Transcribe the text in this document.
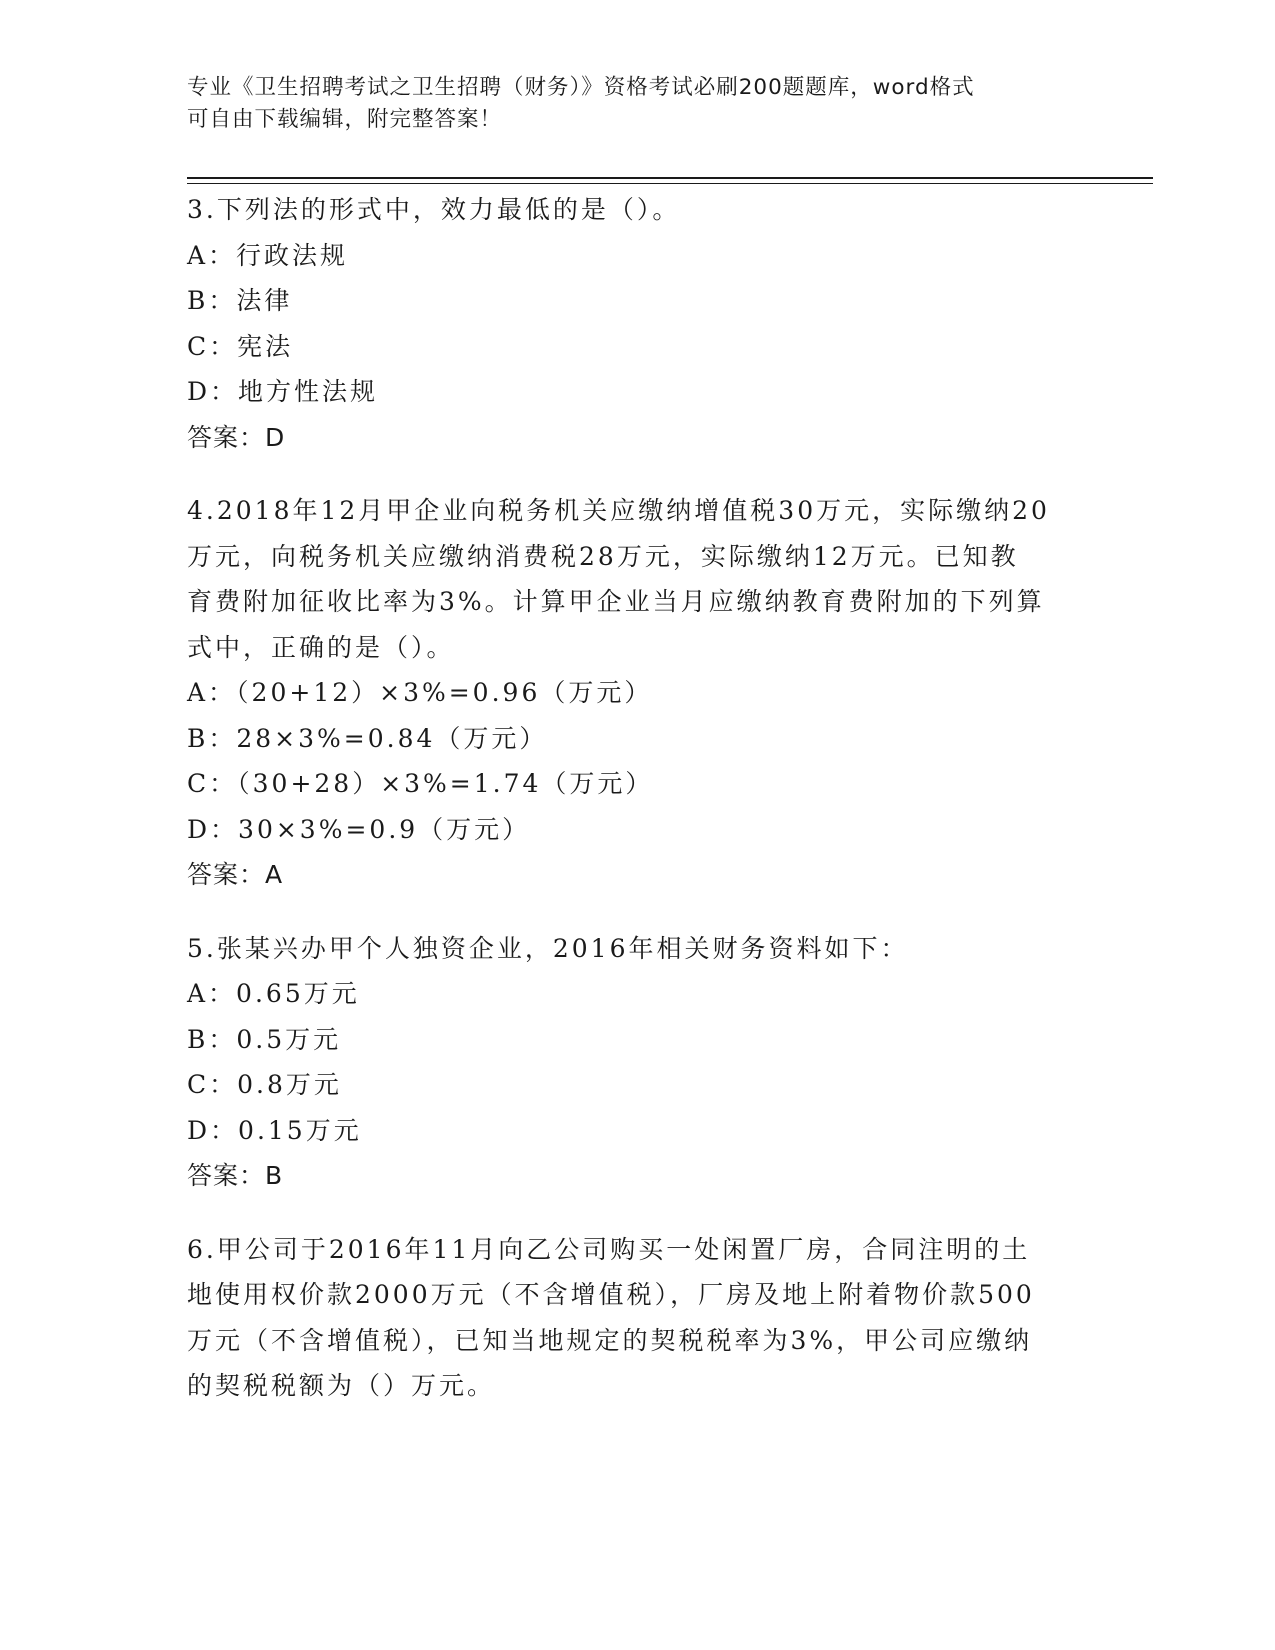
专业《卫生招聘考试之卫生招聘（财务）》资格考试必刷200题题库，word格式
可自由下载编辑，附完整答案！
3.下列法的形式中，效力最低的是（）。
A：行政法规
B：法律
C：宪法
D：地方性法规
答案：D
4.2018年12月甲企业向税务机关应缴纳增值税30万元，实际缴纳20
万元，向税务机关应缴纳消费税28万元，实际缴纳12万元。已知教
育费附加征收比率为3%。计算甲企业当月应缴纳教育费附加的下列算
式中，正确的是（）。
A：（20+12）×3%=0.96（万元）
B：28×3%=0.84（万元）
C：（30+28）×3%=1.74（万元）
D：30×3%=0.9（万元）
答案：A
5.张某兴办甲个人独资企业，2016年相关财务资料如下：
A：0.65万元
B：0.5万元
C：0.8万元
D：0.15万元
答案：B
6.甲公司于2016年11月向乙公司购买一处闲置厂房，合同注明的土
地使用权价款2000万元（不含增值税），厂房及地上附着物价款500
万元（不含增值税），已知当地规定的契税税率为3%，甲公司应缴纳
的契税税额为（）万元。
